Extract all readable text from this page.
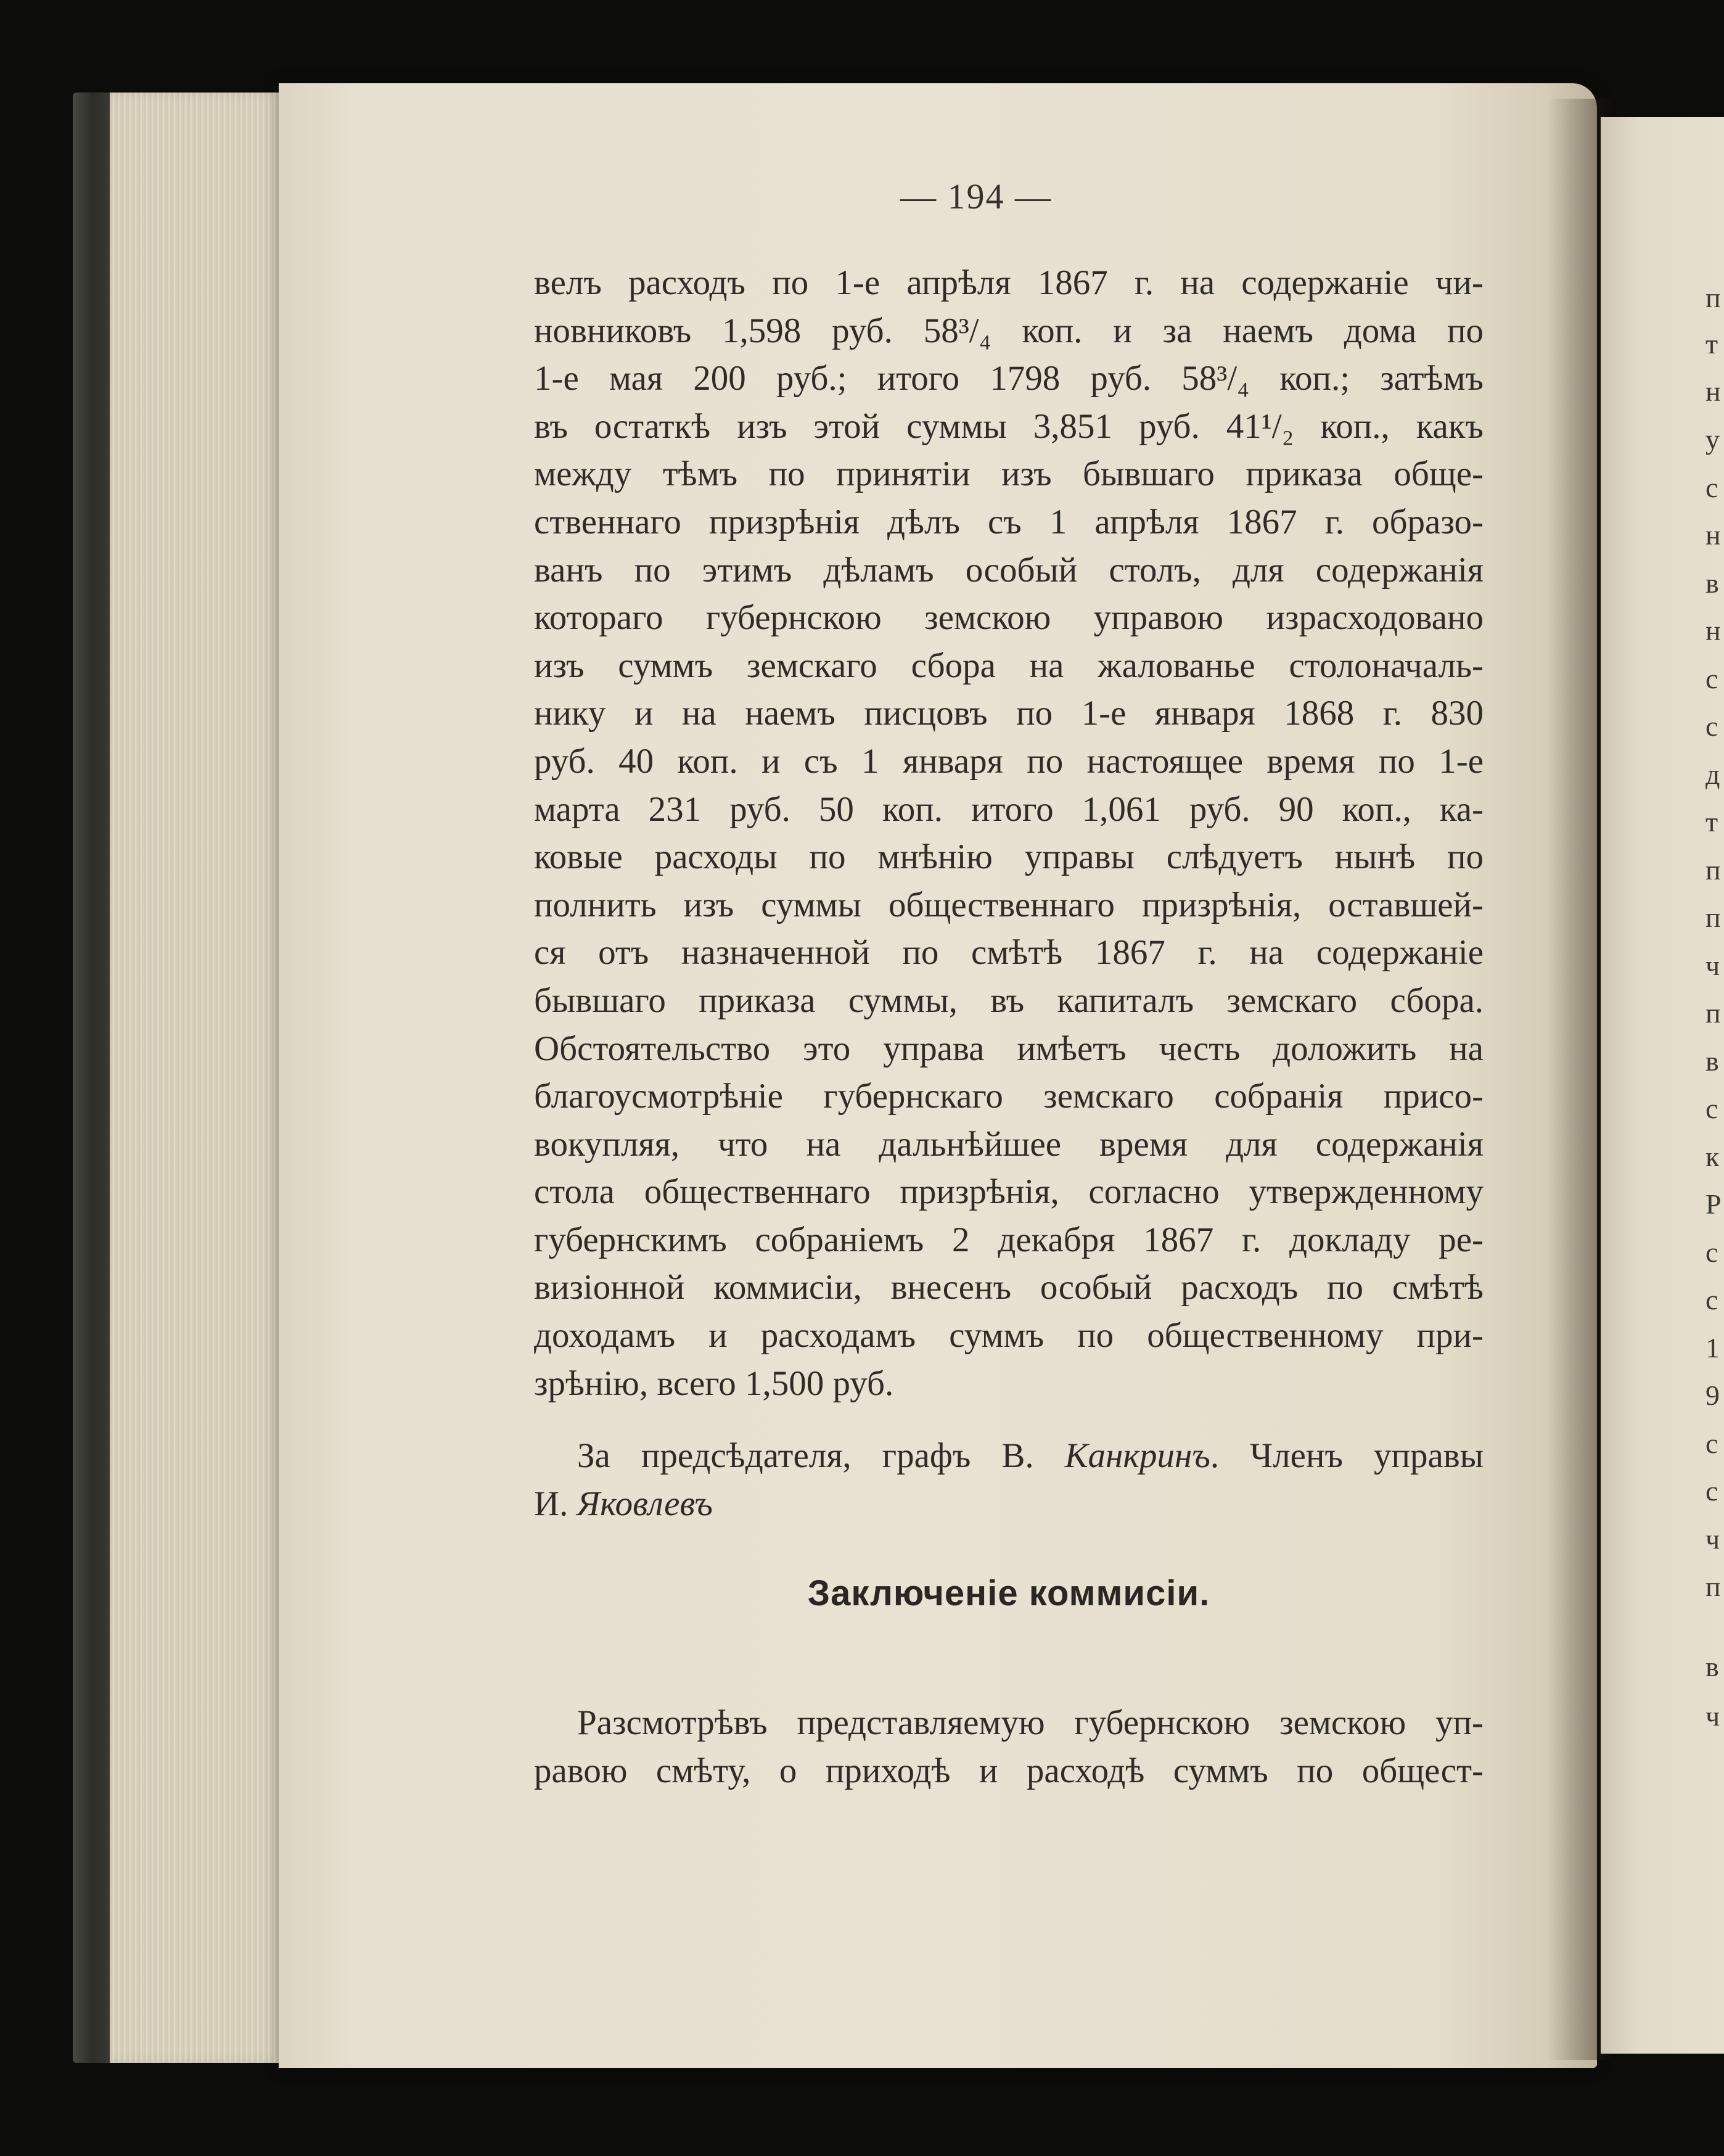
п
т
н
у
с
н
в
н
с
с
д
т
п
п
ч
п
в
с
к
Р
с
с
1
9
с
с
ч
п
в
ч
— 194 —
велъ расходъ по 1-е апрѣля 1867 г. на содержаніе чи-
новниковъ 1,598 руб. 58³/₄ коп. и за наемъ дома по
1-е мая 200 руб.; итого 1798 руб. 58³/₄ коп.; затѣмъ
въ остаткѣ изъ этой суммы 3,851 руб. 41¹/₂ коп., какъ
между тѣмъ по принятіи изъ бывшаго приказа обще-
ственнаго призрѣнія дѣлъ съ 1 апрѣля 1867 г. образо-
ванъ по этимъ дѣламъ особый столъ, для содержанія
котораго губернскою земскою управою израсходовано
изъ суммъ земскаго сбора на жалованье столоначаль-
нику и на наемъ писцовъ по 1-е января 1868 г. 830
руб. 40 коп. и съ 1 января по настоящее время по 1-е
марта 231 руб. 50 коп. итого 1,061 руб. 90 коп., ка-
ковые расходы по мнѣнію управы слѣдуетъ нынѣ по
полнить изъ суммы общественнаго призрѣнія, оставшей-
ся отъ назначенной по смѣтѣ 1867 г. на содержаніе
бывшаго приказа суммы, въ капиталъ земскаго сбора.
Обстоятельство это управа имѣетъ честь доложить на
благоусмотрѣніе губернскаго земскаго собранія присо-
вокупляя, что на дальнѣйшее время для содержанія
стола общественнаго призрѣнія, согласно утвержденному
губернскимъ собраніемъ 2 декабря 1867 г. докладу ре-
визіонной коммисіи, внесенъ особый расходъ по смѣтѣ
доходамъ и расходамъ суммъ по общественному при-
зрѣнію, всего 1,500 руб.
За предсѣдателя, графъ В. Канкринъ. Членъ управы
И. Яковлевъ
Заключеніе коммисіи.
Разсмотрѣвъ представляемую губернскою земскою уп-
равою смѣту, о приходѣ и расходѣ суммъ по общест-
